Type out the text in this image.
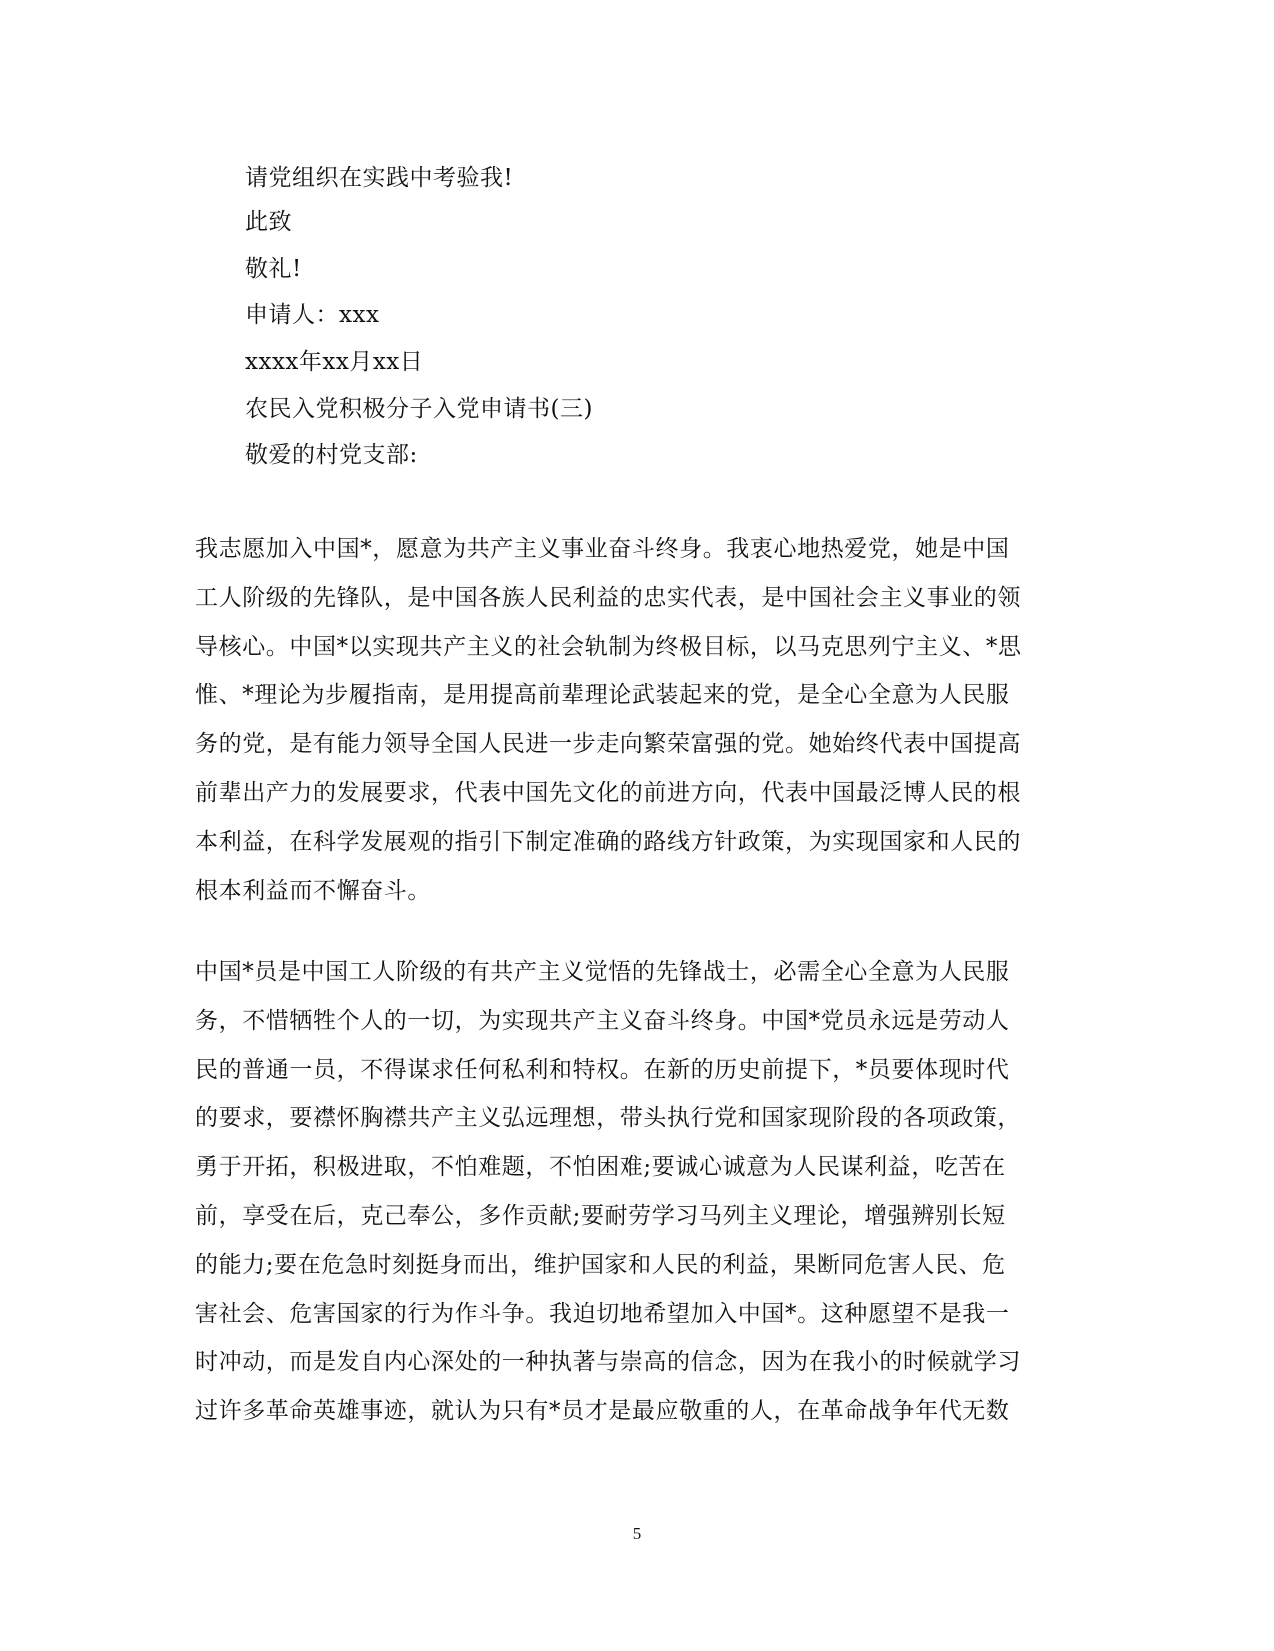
请党组织在实践中考验我!
此致
敬礼!
申请人：xxx
xxxx年xx月xx日
农民入党积极分子入党申请书(三)
敬爱的村党支部:
我志愿加入中国*，愿意为共产主义事业奋斗终身。我衷心地热爱党，她是中国
工人阶级的先锋队，是中国各族人民利益的忠实代表，是中国社会主义事业的领
导核心。中国*以实现共产主义的社会轨制为终极目标，以马克思列宁主义、*思
惟、*理论为步履指南，是用提高前辈理论武装起来的党，是全心全意为人民服
务的党，是有能力领导全国人民进一步走向繁荣富强的党。她始终代表中国提高
前辈出产力的发展要求，代表中国先文化的前进方向，代表中国最泛博人民的根
本利益，在科学发展观的指引下制定准确的路线方针政策，为实现国家和人民的
根本利益而不懈奋斗。
中国*员是中国工人阶级的有共产主义觉悟的先锋战士，必需全心全意为人民服
务，不惜牺牲个人的一切，为实现共产主义奋斗终身。中国*党员永远是劳动人
民的普通一员，不得谋求任何私利和特权。在新的历史前提下，*员要体现时代
的要求，要襟怀胸襟共产主义弘远理想，带头执行党和国家现阶段的各项政策，
勇于开拓，积极进取，不怕难题，不怕困难;要诚心诚意为人民谋利益，吃苦在
前，享受在后，克己奉公，多作贡献;要耐劳学习马列主义理论，增强辨别长短
的能力;要在危急时刻挺身而出，维护国家和人民的利益，果断同危害人民、危
害社会、危害国家的行为作斗争。我迫切地希望加入中国*。这种愿望不是我一
时冲动，而是发自内心深处的一种执著与崇高的信念，因为在我小的时候就学习
过许多革命英雄事迹，就认为只有*员才是最应敬重的人，在革命战争年代无数
5
